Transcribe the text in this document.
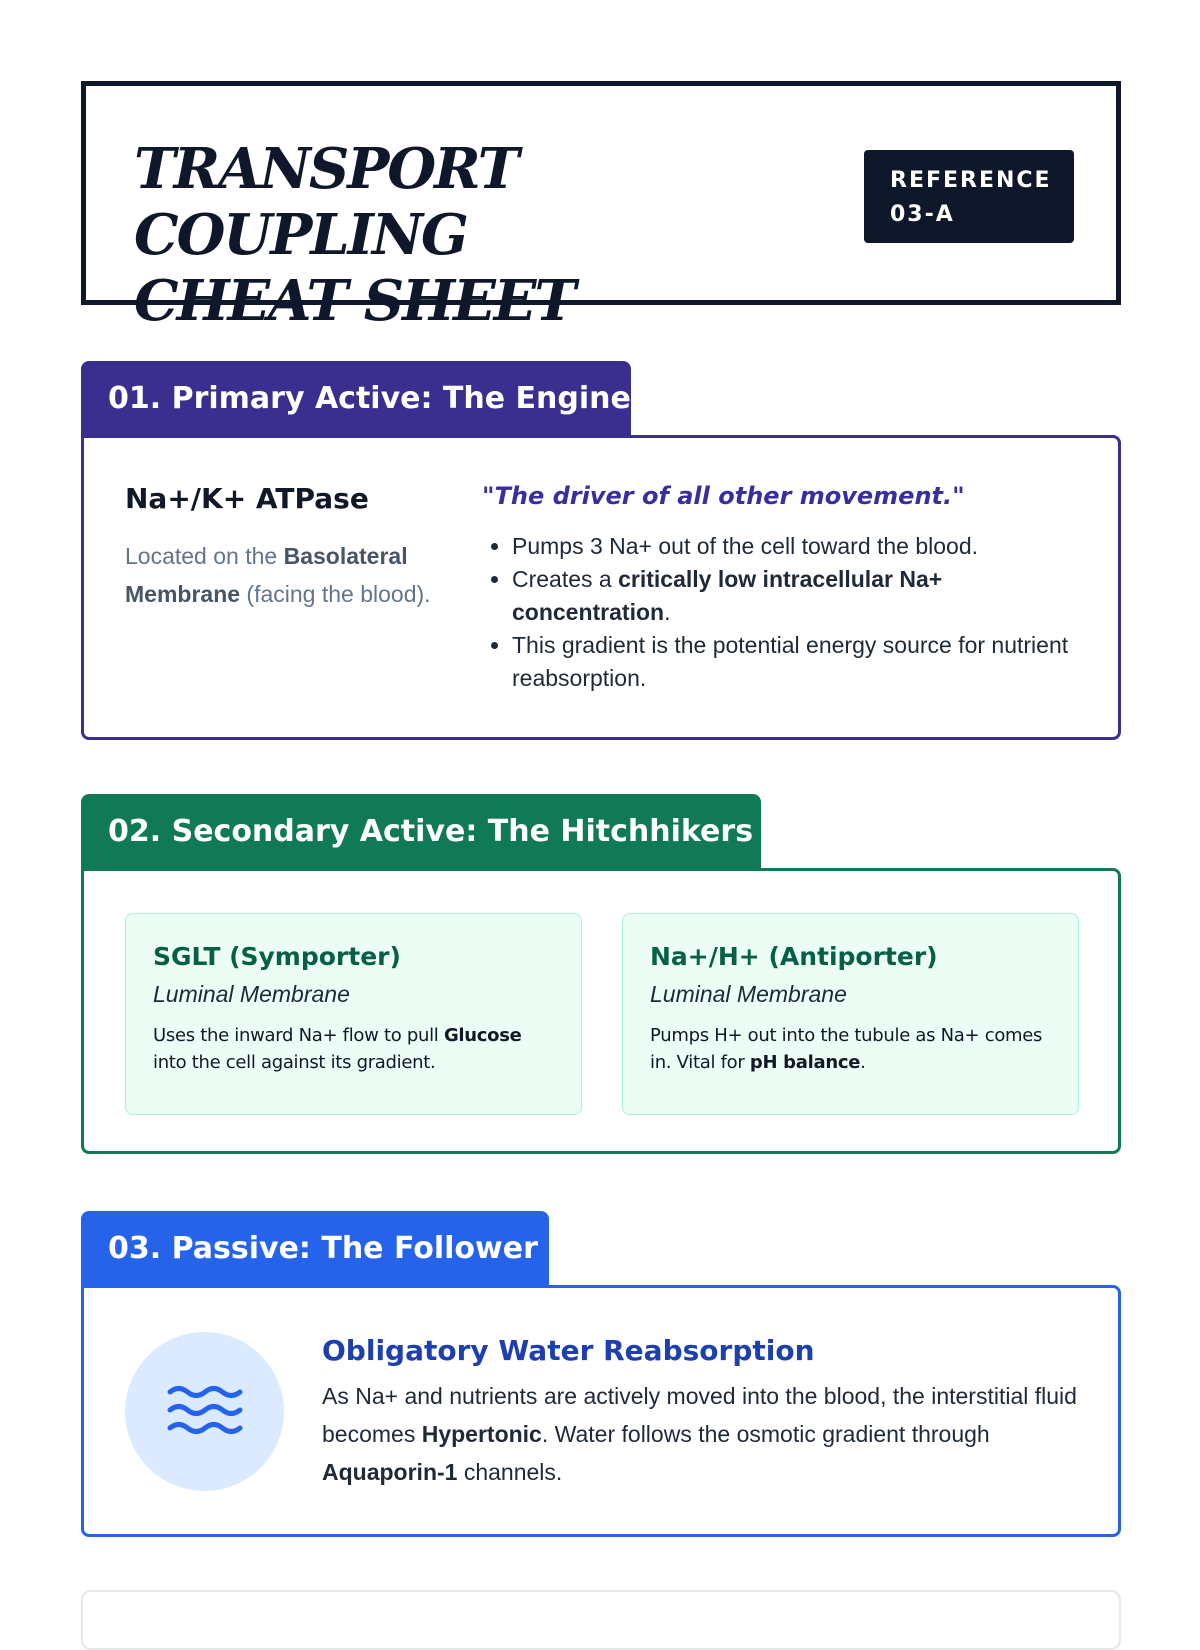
TRANSPORT COUPLING
CHEAT SHEET
REFERENCE
03-A
01. Primary Active: The Engine

Na+/K+ ATPase

Located on the Basolateral Membrane (facing the blood).

"The driver of all other movement."

• Pumps 3 Na+ out of the cell toward the blood.
• Creates a critically low intracellular Na+ concentration.
• This gradient is the potential energy source for nutrient reabsorption.
02. Secondary Active: The Hitchhikers

SGLT (Symporter)

Luminal Membrane

Uses the inward Na+ flow to pull Glucose into the cell against its gradient.

Na+/H+ (Antiporter)

Luminal Membrane

Pumps H+ out into the tubule as Na+ comes in. Vital for pH balance.

03. Passive: The Follower

Obligatory Water Reabsorption

As Na+ and nutrients are actively moved into the blood, the interstitial fluid becomes Hypertonic. Water follows the osmotic gradient through Aquaporin-1 channels.
